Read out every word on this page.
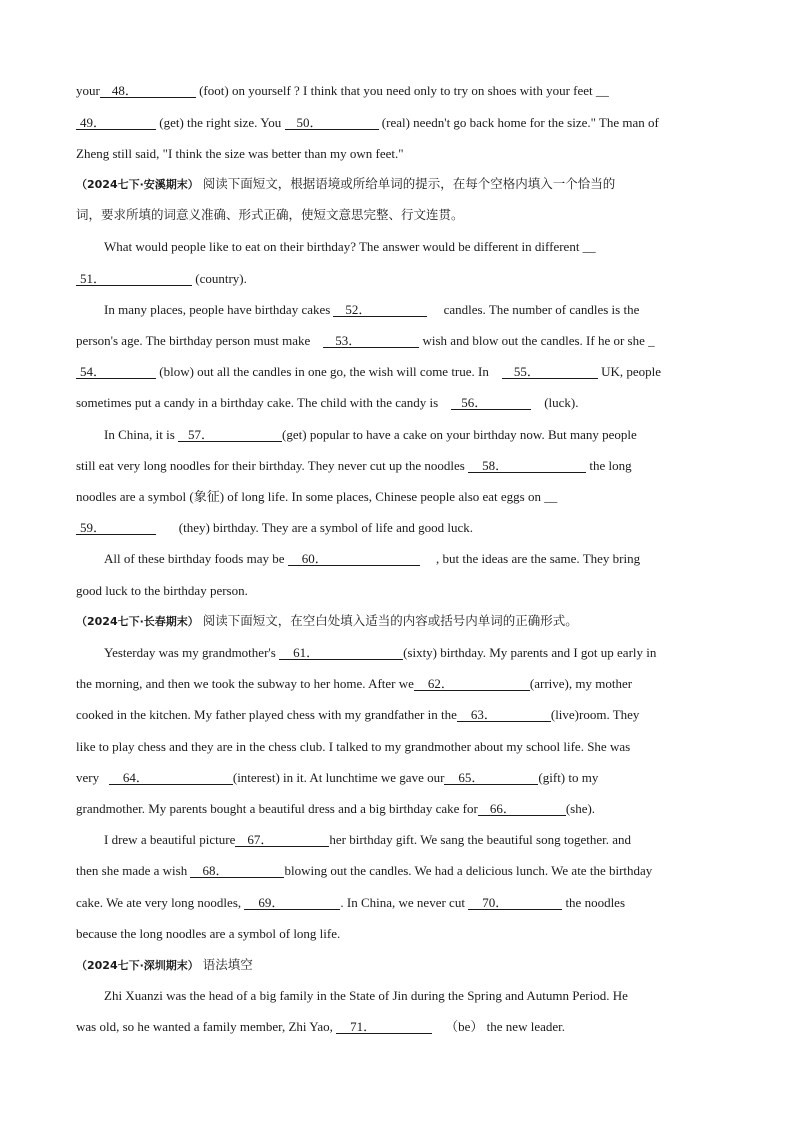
your 48．	(foot) on yourself ? I think that you need only to try on shoes with your feet __
49．	(get) the right size. You 50．	(real) needn't go back home for the size." The man of
Zheng still said, "I think the size was better than my own feet."
（2024七下·安溪期末） 阅读下面短文，根据语境或所给单词的提示，在每个空格内填入一个恰当的
词，要求所填的词意义准确、形式正确，使短文意思完整、行文连贯。
What would people like to eat on their birthday? The answer would be different in different __
51．	(country).
In many places, people have birthday cakes 52．	candles. The number of candles is the
person's age. The birthday person must make 53．	wish and blow out the candles. If he or she _
54．	(blow) out all the candles in one go, the wish will come true. In 55．	UK, people
sometimes put a candy in a birthday cake. The child with the candy is 56．	(luck).
In China, it is 57．	(get) popular to have a cake on your birthday now. But many people
still eat very long noodles for their birthday. They never cut up the noodles 58．	the long
noodles are a symbol (象征) of long life. In some places, Chinese people also eat eggs on __
59．	(they) birthday. They are a symbol of life and good luck.
All of these birthday foods may be 60．	, but the ideas are the same. They bring
good luck to the birthday person.
（2024七下·长春期末） 阅读下面短文，在空白处填入适当的内容或括号内单词的正确形式。
Yesterday was my grandmother's 61．	(sixty) birthday. My parents and I got up early in
the morning, and then we took the subway to her home. After we 62．	(arrive), my mother
cooked in the kitchen. My father played chess with my grandfather in the 63．	(live)room. They
like to play chess and they are in the chess club. I talked to my grandmother about my school life. She was
very 64．	(interest) in it. At lunchtime we gave our 65．	(gift) to my
grandmother. My parents bought a beautiful dress and a big birthday cake for 66．	(she).
I drew a beautiful picture 67．	her birthday gift. We sang the beautiful song together. and
then she made a wish 68．	blowing out the candles. We had a delicious lunch. We ate the birthday
cake. We ate very long noodles, 69．	. In China, we never cut 70．	the noodles
because the long noodles are a symbol of long life.
（2024七下·深圳期末） 语法填空
Zhi Xuanzi was the head of a big family in the State of Jin during the Spring and Autumn Period. He
was old, so he wanted a family member, Zhi Yao, 71．	（be） the new leader.
